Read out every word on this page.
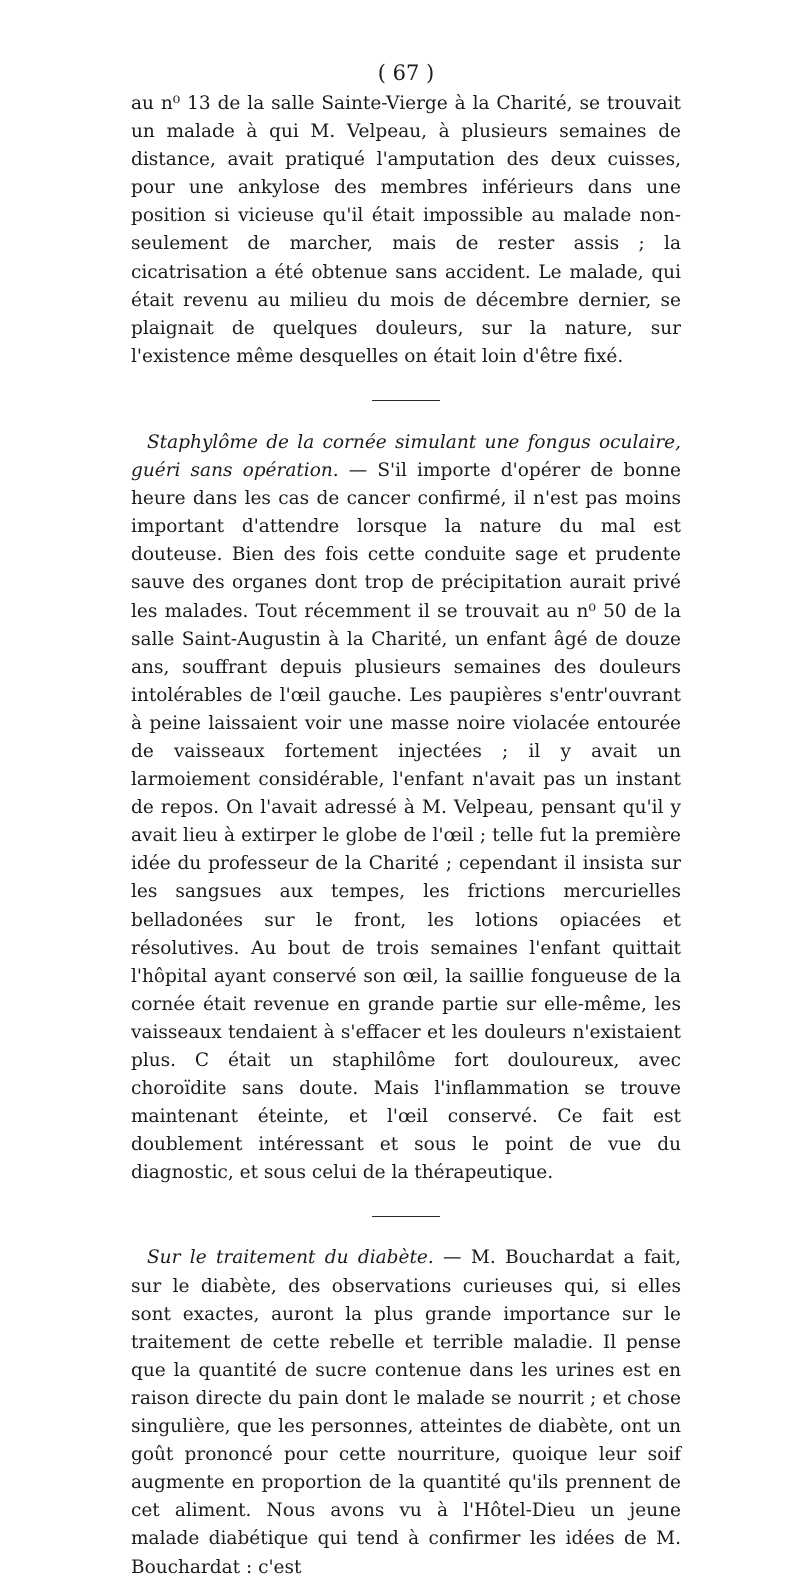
( 67 )

au n⁰ 13 de la salle Sainte-Vierge à la Charité, se trouvait un malade à qui M. Velpeau, à plusieurs semaines de distance, avait pratiqué l'amputation des deux cuisses, pour une ankylose des membres inférieurs dans une position si vicieuse qu'il était impossible au malade non-seulement de marcher, mais de rester assis ; la cicatrisation a été obtenue sans accident. Le malade, qui était revenu au milieu du mois de décembre dernier, se plaignait de quelques douleurs, sur la nature, sur l'existence même desquelles on était loin d'être fixé.

Staphylôme de la cornée simulant une fongus oculaire, guéri sans opération. — S'il importe d'opérer de bonne heure dans les cas de cancer confirmé, il n'est pas moins important d'attendre lorsque la nature du mal est douteuse. Bien des fois cette conduite sage et prudente sauve des organes dont trop de précipitation aurait privé les malades. Tout récemment il se trouvait au n⁰ 50 de la salle Saint-Augustin à la Charité, un enfant âgé de douze ans, souffrant depuis plusieurs semaines des douleurs intolérables de l'œil gauche. Les paupières s'entr'ouvrant à peine laissaient voir une masse noire violacée entourée de vaisseaux fortement injectées ; il y avait un larmoiement considérable, l'enfant n'avait pas un instant de repos. On l'avait adressé à M. Velpeau, pensant qu'il y avait lieu à extirper le globe de l'œil ; telle fut la première idée du professeur de la Charité ; cependant il insista sur les sangsues aux tempes, les frictions mercurielles belladonées sur le front, les lotions opiacées et résolutives. Au bout de trois semaines l'enfant quittait l'hôpital ayant conservé son œil, la saillie fongueuse de la cornée était revenue en grande partie sur elle-même, les vaisseaux tendaient à s'effacer et les douleurs n'existaient plus. C était un staphilôme fort douloureux, avec choroïdite sans doute. Mais l'inflammation se trouve maintenant éteinte, et l'œil conservé. Ce fait est doublement intéressant et sous le point de vue du diagnostic, et sous celui de la thérapeutique.

Sur le traitement du diabète. — M. Bouchardat a fait, sur le diabète, des observations curieuses qui, si elles sont exactes, auront la plus grande importance sur le traitement de cette rebelle et terrible maladie. Il pense que la quantité de sucre contenue dans les urines est en raison directe du pain dont le malade se nourrit ; et chose singulière, que les personnes, atteintes de diabète, ont un goût prononcé pour cette nourriture, quoique leur soif augmente en proportion de la quantité qu'ils prennent de cet aliment. Nous avons vu à l'Hôtel-Dieu un jeune malade diabétique qui tend à confirmer les idées de M. Bouchardat : c'est
